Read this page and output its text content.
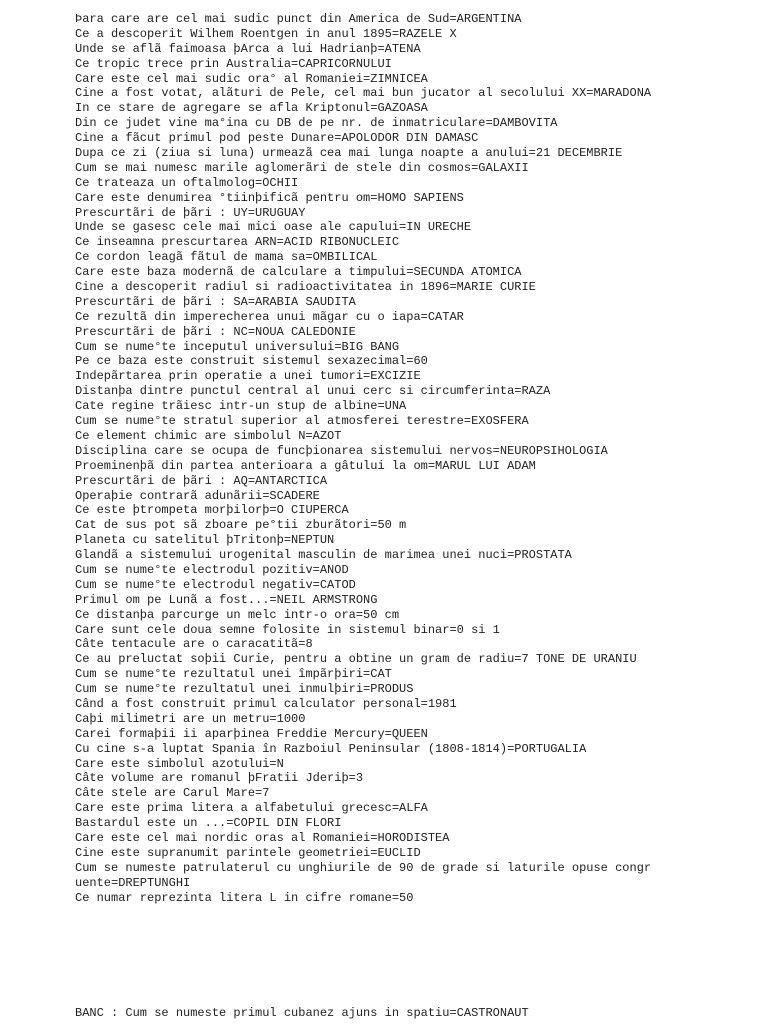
Þara care are cel mai sudic punct din America de Sud=ARGENTINA
Ce a descoperit Wilhem Roentgen in anul 1895=RAZELE X
Unde se aflã faimoasa þArca a lui Hadrianþ=ATENA
Ce tropic trece prin Australia=CAPRICORNULUI
Care este cel mai sudic ora° al Romaniei=ZIMNICEA
Cine a fost votat, alãturi de Pele, cel mai bun jucator al secolului XX=MARADONA
In ce stare de agregare se afla Kriptonul=GAZOASA
Din ce judet vine ma°ina cu DB de pe nr. de inmatriculare=DAMBOVITA
Cine a fãcut primul pod peste Dunare=APOLODOR DIN DAMASC
Dupa ce zi (ziua si luna) urmeazã cea mai lunga noapte a anului=21 DECEMBRIE
Cum se mai numesc marile aglomerãri de stele din cosmos=GALAXII
Ce trateaza un oftalmolog=OCHII
Care este denumirea °tiinþificã pentru om=HOMO SAPIENS
Prescurtãri de þãri : UY=URUGUAY
Unde se gasesc cele mai mici oase ale capului=IN URECHE
Ce inseamna prescurtarea ARN=ACID RIBONUCLEIC
Ce cordon leagã fãtul de mama sa=OMBILICAL
Care este baza modernã de calculare a timpului=SECUNDA ATOMICA
Cine a descoperit radiul si radioactivitatea in 1896=MARIE CURIE
Prescurtãri de þãri : SA=ARABIA SAUDITA
Ce rezultã din imperecherea unui mãgar cu o iapa=CATAR
Prescurtãri de þãri : NC=NOUA CALEDONIE
Cum se nume°te inceputul universului=BIG BANG
Pe ce baza este construit sistemul sexazecimal=60
Indepãrtarea prin operatie a unei tumori=EXCIZIE
Distanþa dintre punctul central al unui cerc si circumferinta=RAZA
Cate regine trãiesc intr-un stup de albine=UNA
Cum se nume°te stratul superior al atmosferei terestre=EXOSFERA
Ce element chimic are simbolul N=AZOT
Disciplina care se ocupa de funcþionarea sistemului nervos=NEUROPSIHOLOGIA
Proeminenþã din partea anterioara a gâtului la om=MARUL LUI ADAM
Prescurtãri de þãri : AQ=ANTARCTICA
Operaþie contrarã adunãrii=SCADERE
Ce este þtrompeta morþilorþ=O CIUPERCA
Cat de sus pot sã zboare pe°tii zburãtori=50 m
Planeta cu satelitul þTritonþ=NEPTUN
Glandã a sistemului urogenital masculin de marimea unei nuci=PROSTATA
Cum se nume°te electrodul pozitiv=ANOD
Cum se nume°te electrodul negativ=CATOD
Primul om pe Lunã a fost...=NEIL ARMSTRONG
Ce distanþa parcurge un melc intr-o ora=50 cm
Care sunt cele doua semne folosite in sistemul binar=0 si 1
Câte tentacule are o caracatitã=8
Ce au preluctat soþii Curie, pentru a obtine un gram de radiu=7 TONE DE URANIU
Cum se nume°te rezultatul unei împãrþiri=CAT
Cum se nume°te rezultatul unei inmulþiri=PRODUS
Când a fost construit primul calculator personal=1981
Caþi milimetri are un metru=1000
Carei formaþii ii aparþinea Freddie Mercury=QUEEN
Cu cine s-a luptat Spania în Razboiul Peninsular (1808-1814)=PORTUGALIA
Care este simbolul azotului=N
Câte volume are romanul þFratii Jderiþ=3
Câte stele are Carul Mare=7
Care este prima litera a alfabetului grecesc=ALFA
Bastardul este un ...=COPIL DIN FLORI
Care este cel mai nordic oras al Romaniei=HORODISTEA
Cine este supranumit parintele geometriei=EUCLID
Cum se numeste patrulaterul cu unghiurile de 90 de grade si laturile opuse congr
uente=DREPTUNGHI
Ce numar reprezinta litera L in cifre romane=50
BANC : Cum se numeste primul cubanez ajuns in spatiu=CASTRONAUT
